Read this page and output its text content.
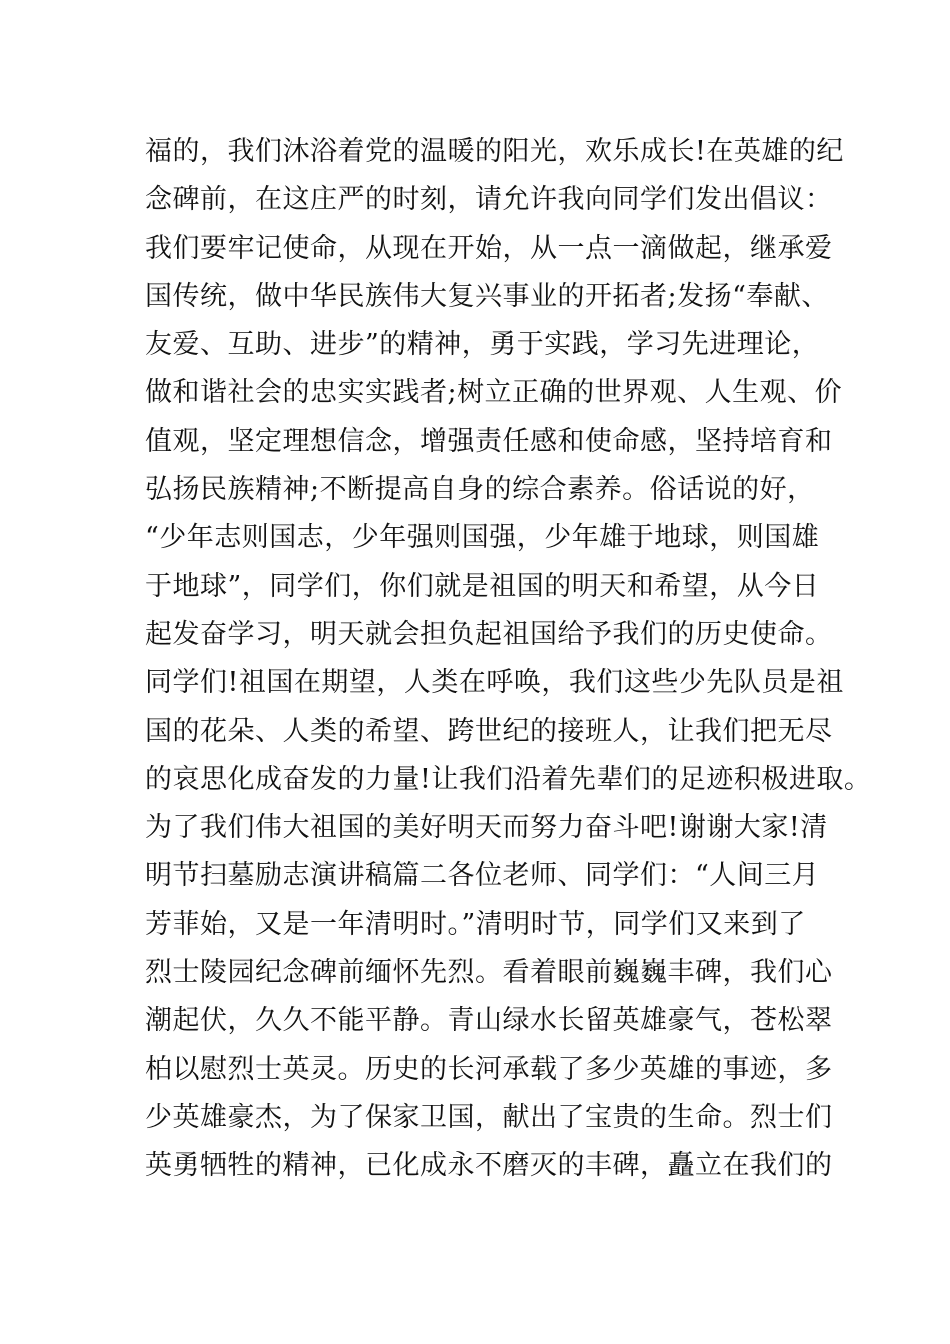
福的，我们沐浴着党的温暖的阳光，欢乐成长!在英雄的纪
念碑前，在这庄严的时刻，请允许我向同学们发出倡议：
我们要牢记使命，从现在开始，从一点一滴做起，继承爱
国传统，做中华民族伟大复兴事业的开拓者;发扬“奉献、
友爱、互助、进步”的精神，勇于实践，学习先进理论，
做和谐社会的忠实实践者;树立正确的世界观、人生观、价
值观，坚定理想信念，增强责任感和使命感，坚持培育和
弘扬民族精神;不断提高自身的综合素养。俗话说的好，
“少年志则国志，少年强则国强，少年雄于地球，则国雄
于地球”，同学们，你们就是祖国的明天和希望，从今日
起发奋学习，明天就会担负起祖国给予我们的历史使命。
同学们!祖国在期望，人类在呼唤，我们这些少先队员是祖
国的花朵、人类的希望、跨世纪的接班人，让我们把无尽
的哀思化成奋发的力量!让我们沿着先辈们的足迹积极进取。
为了我们伟大祖国的美好明天而努力奋斗吧!谢谢大家!清
明节扫墓励志演讲稿篇二各位老师、同学们：“人间三月
芳菲始，又是一年清明时。”清明时节，同学们又来到了
烈士陵园纪念碑前缅怀先烈。看着眼前巍巍丰碑，我们心
潮起伏，久久不能平静。青山绿水长留英雄豪气，苍松翠
柏以慰烈士英灵。历史的长河承载了多少英雄的事迹，多
少英雄豪杰，为了保家卫国，献出了宝贵的生命。烈士们
英勇牺牲的精神，已化成永不磨灭的丰碑，矗立在我们的
